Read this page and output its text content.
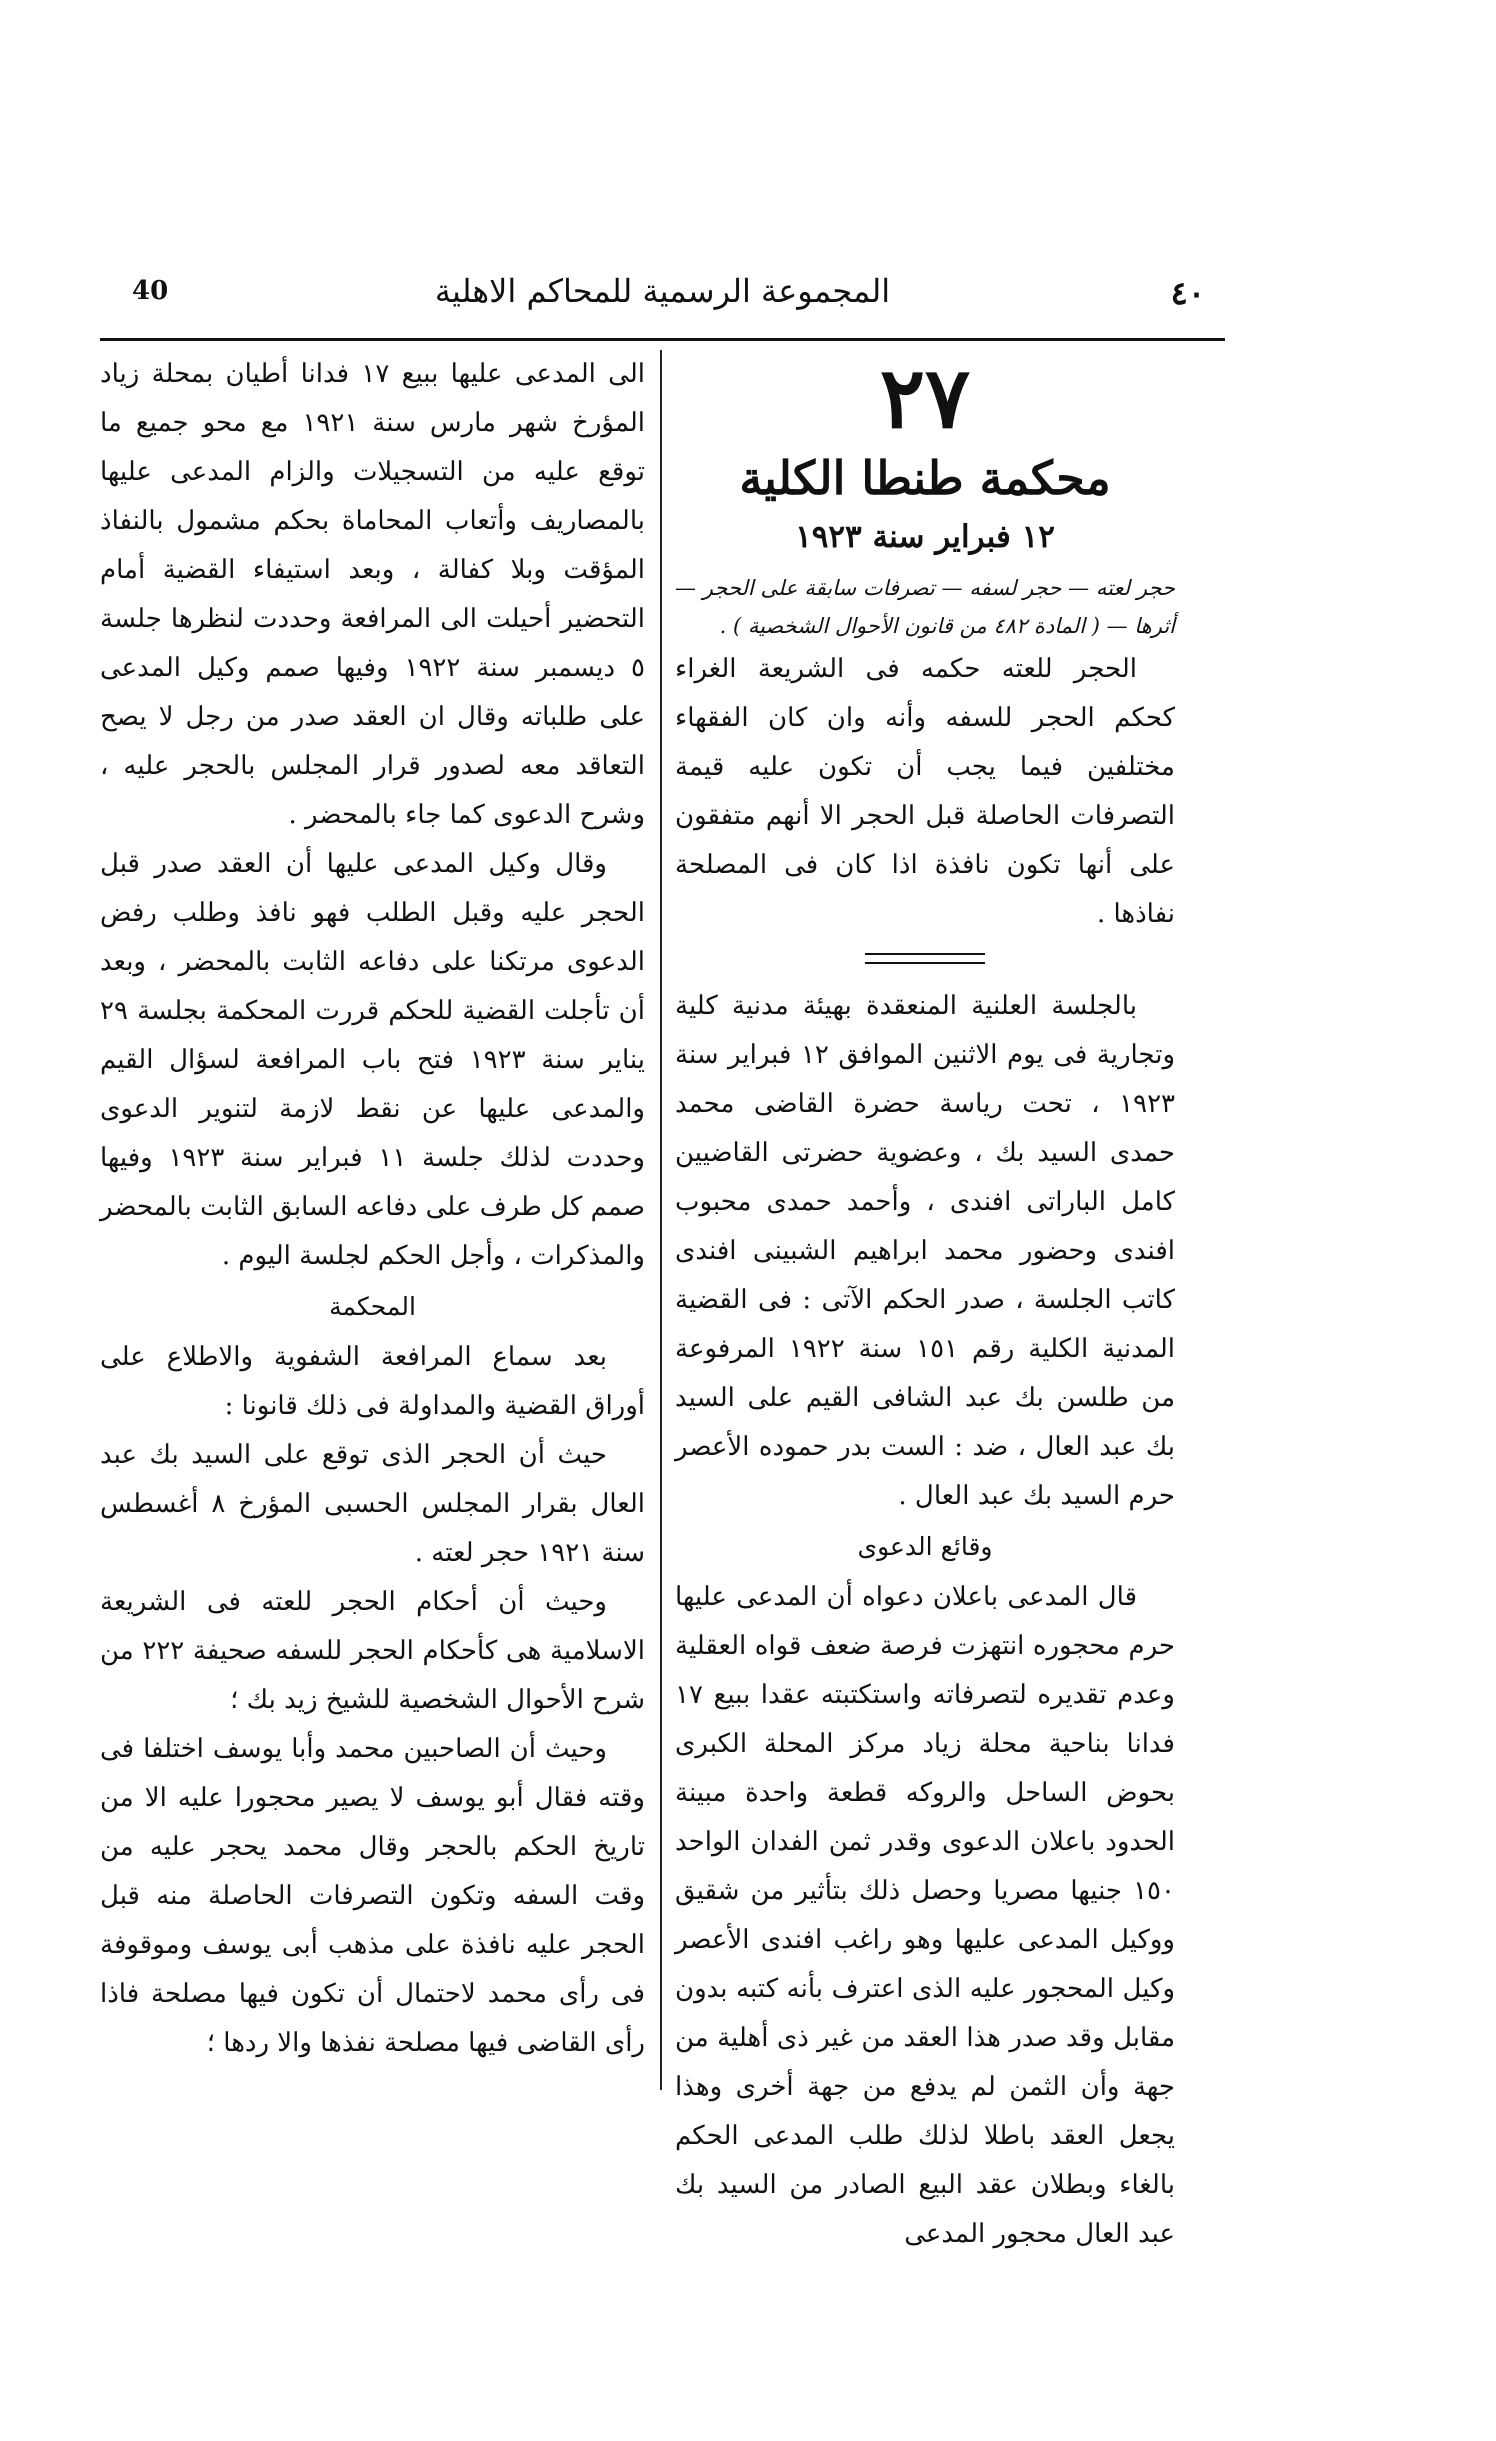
40	المجموعة الرسمية للمحاكم الاهلية	٤٠
٢٧
محكمة طنطا الكلية
١٢ فبراير سنة ١٩٢٣

حجر لعته — حجر لسفه — تصرفات سابقة على الحجر — أثرها — ( المادة ٤٨٢ من قانون الأحوال الشخصية ) .

الحجر للعته حكمه فى الشريعة الغراء كحكم الحجر للسفه وأنه وان كان الفقهاء مختلفين فيما يجب أن تكون عليه قيمة التصرفات الحاصلة قبل الحجر الا أنهم متفقون على أنها تكون نافذة اذا كان فى المصلحة نفاذها .

بالجلسة العلنية المنعقدة بهيئة مدنية كلية وتجارية فى يوم الاثنين الموافق ١٢ فبراير سنة ١٩٢٣ ، تحت رياسة حضرة القاضى محمد حمدى السيد بك ، وعضوية حضرتى القاضيين كامل الباراتى افندى ، وأحمد حمدى محبوب افندى وحضور محمد ابراهيم الشبينى افندى كاتب الجلسة ، صدر الحكم الآتى : فى القضية المدنية الكلية رقم ١٥١ سنة ١٩٢٢ المرفوعة من طلسن بك عبد الشافى القيم على السيد بك عبد العال ، ضد : الست بدر حموده الأعصر حرم السيد بك عبد العال .

وقائع الدعوى

قال المدعى باعلان دعواه أن المدعى عليها حرم محجوره انتهزت فرصة ضعف قواه العقلية وعدم تقديره لتصرفاته واستكتبته عقدا ببيع ١٧ فدانا بناحية محلة زياد مركز المحلة الكبرى بحوض الساحل والروكه قطعة واحدة مبينة الحدود باعلان الدعوى وقدر ثمن الفدان الواحد ١٥٠ جنيها مصريا وحصل ذلك بتأثير من شقيق ووكيل المدعى عليها وهو راغب افندى الأعصر وكيل المحجور عليه الذى اعترف بأنه كتبه بدون مقابل وقد صدر هذا العقد من غير ذى أهلية من جهة وأن الثمن لم يدفع من جهة أخرى وهذا يجعل العقد باطلا لذلك طلب المدعى الحكم بالغاء وبطلان عقد البيع الصادر من السيد بك عبد العال محجور المدعى

الى المدعى عليها ببيع ١٧ فدانا أطيان بمحلة زياد المؤرخ شهر مارس سنة ١٩٢١ مع محو جميع ما توقع عليه من التسجيلات والزام المدعى عليها بالمصاريف وأتعاب المحاماة بحكم مشمول بالنفاذ المؤقت وبلا كفالة ، وبعد استيفاء القضية أمام التحضير أحيلت الى المرافعة وحددت لنظرها جلسة ٥ ديسمبر سنة ١٩٢٢ وفيها صمم وكيل المدعى على طلباته وقال ان العقد صدر من رجل لا يصح التعاقد معه لصدور قرار المجلس بالحجر عليه ، وشرح الدعوى كما جاء بالمحضر .

وقال وكيل المدعى عليها أن العقد صدر قبل الحجر عليه وقبل الطلب فهو نافذ وطلب رفض الدعوى مرتكنا على دفاعه الثابت بالمحضر ، وبعد أن تأجلت القضية للحكم قررت المحكمة بجلسة ٢٩ يناير سنة ١٩٢٣ فتح باب المرافعة لسؤال القيم والمدعى عليها عن نقط لازمة لتنوير الدعوى وحددت لذلك جلسة ١١ فبراير سنة ١٩٢٣ وفيها صمم كل طرف على دفاعه السابق الثابت بالمحضر والمذكرات ، وأجل الحكم لجلسة اليوم .

المحكمة

بعد سماع المرافعة الشفوية والاطلاع على أوراق القضية والمداولة فى ذلك قانونا :

حيث أن الحجر الذى توقع على السيد بك عبد العال بقرار المجلس الحسبى المؤرخ ٨ أغسطس سنة ١٩٢١ حجر لعته .

وحيث أن أحكام الحجر للعته فى الشريعة الاسلامية هى كأحكام الحجر للسفه صحيفة ٢٢٢ من شرح الأحوال الشخصية للشيخ زيد بك ؛

وحيث أن الصاحبين محمد وأبا يوسف اختلفا فى وقته فقال أبو يوسف لا يصير محجورا عليه الا من تاريخ الحكم بالحجر وقال محمد يحجر عليه من وقت السفه وتكون التصرفات الحاصلة منه قبل الحجر عليه نافذة على مذهب أبى يوسف وموقوفة فى رأى محمد لاحتمال أن تكون فيها مصلحة فاذا رأى القاضى فيها مصلحة نفذها والا ردها ؛
